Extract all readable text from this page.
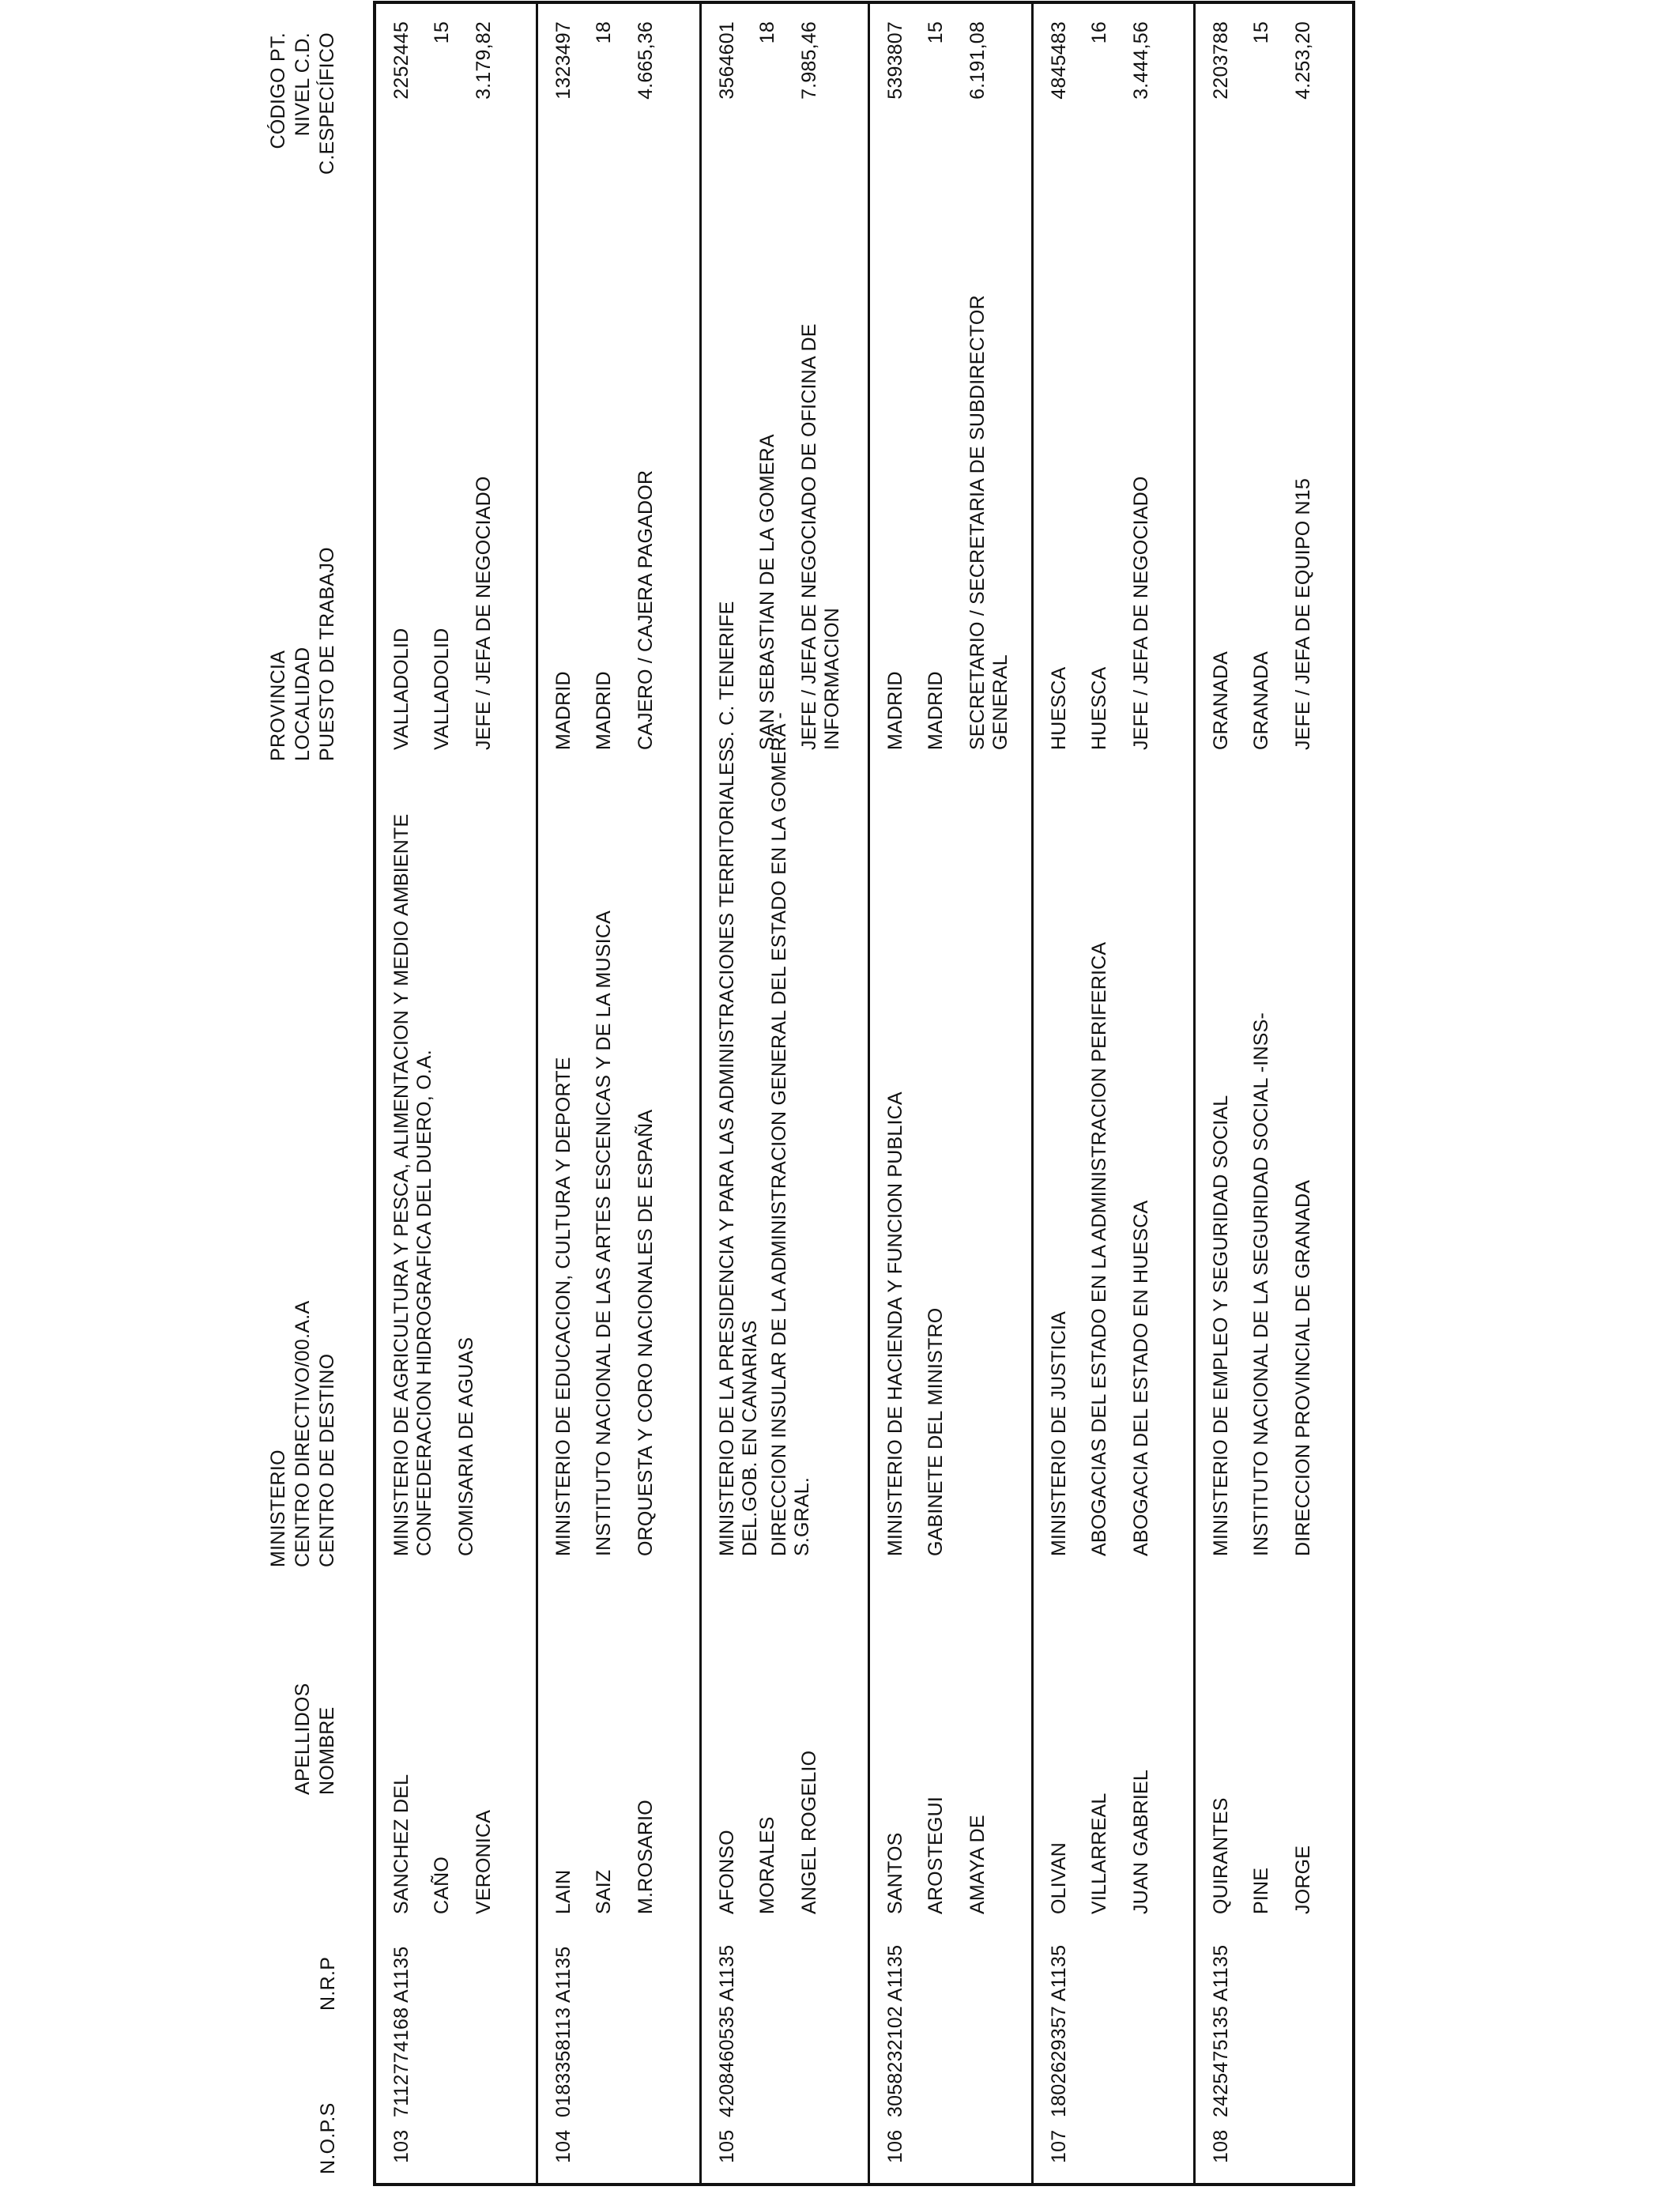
N.O.P.S
N.R.P
APELLIDOS NOMBRE
MINISTERIO CENTRO DIRECTIVO/00.A.A CENTRO DE DESTINO
PROVINCIA LOCALIDAD PUESTO DE TRABAJO
CÓDIGO PT. NIVEL C.D. C.ESPECÍFICO
103
7112774168 A1135
SANCHEZ DEL CAÑO VERONICA
MINISTERIO DE AGRICULTURA Y PESCA, ALIMENTACION Y MEDIO AMBIENTE CONFEDERACION HIDROGRAFICA DEL DUERO, O.A. COMISARIA DE AGUAS
VALLADOLID VALLADOLID JEFE / JEFA DE NEGOCIADO
2252445 15 3.179,82
104
0183358113 A1135
LAIN SAIZ M.ROSARIO
MINISTERIO DE EDUCACION, CULTURA Y DEPORTE INSTITUTO NACIONAL DE LAS ARTES ESCENICAS Y DE LA MUSICA ORQUESTA Y CORO NACIONALES DE ESPAÑA
MADRID MADRID CAJERO / CAJERA PAGADOR
1323497 18 4.665,36
105
4208460535 A1135
AFONSO MORALES ANGEL ROGELIO
MINISTERIO DE LA PRESIDENCIA Y PARA LAS ADMINISTRACIONES TERRITORIALES DEL.GOB. EN CANARIAS DIRECCION INSULAR DE LA ADMINISTRACION GENERAL DEL ESTADO EN LA GOMERA - S.GRAL.
S. C. TENERIFE SAN SEBASTIAN DE LA GOMERA JEFE / JEFA DE NEGOCIADO DE OFICINA DE INFORMACION
3564601 18 7.985,46
106
3058232102 A1135
SANTOS AROSTEGUI AMAYA DE
MINISTERIO DE HACIENDA Y FUNCION PUBLICA GABINETE DEL MINISTRO
MADRID MADRID SECRETARIO / SECRETARIA DE SUBDIRECTOR GENERAL
5393807 15 6.191,08
107
1802629357 A1135
OLIVAN VILLARREAL JUAN GABRIEL
MINISTERIO DE JUSTICIA ABOGACIAS DEL ESTADO EN LA ADMINISTRACION PERIFERICA ABOGACIA DEL ESTADO EN HUESCA
HUESCA HUESCA JEFE / JEFA DE NEGOCIADO
4845483 16 3.444,56
108
2425475135 A1135
QUIRANTES PINE JORGE
MINISTERIO DE EMPLEO Y SEGURIDAD SOCIAL INSTITUTO NACIONAL DE LA SEGURIDAD SOCIAL -INSS- DIRECCION PROVINCIAL DE GRANADA
GRANADA GRANADA JEFE / JEFA DE EQUIPO N15
2203788 15 4.253,20
